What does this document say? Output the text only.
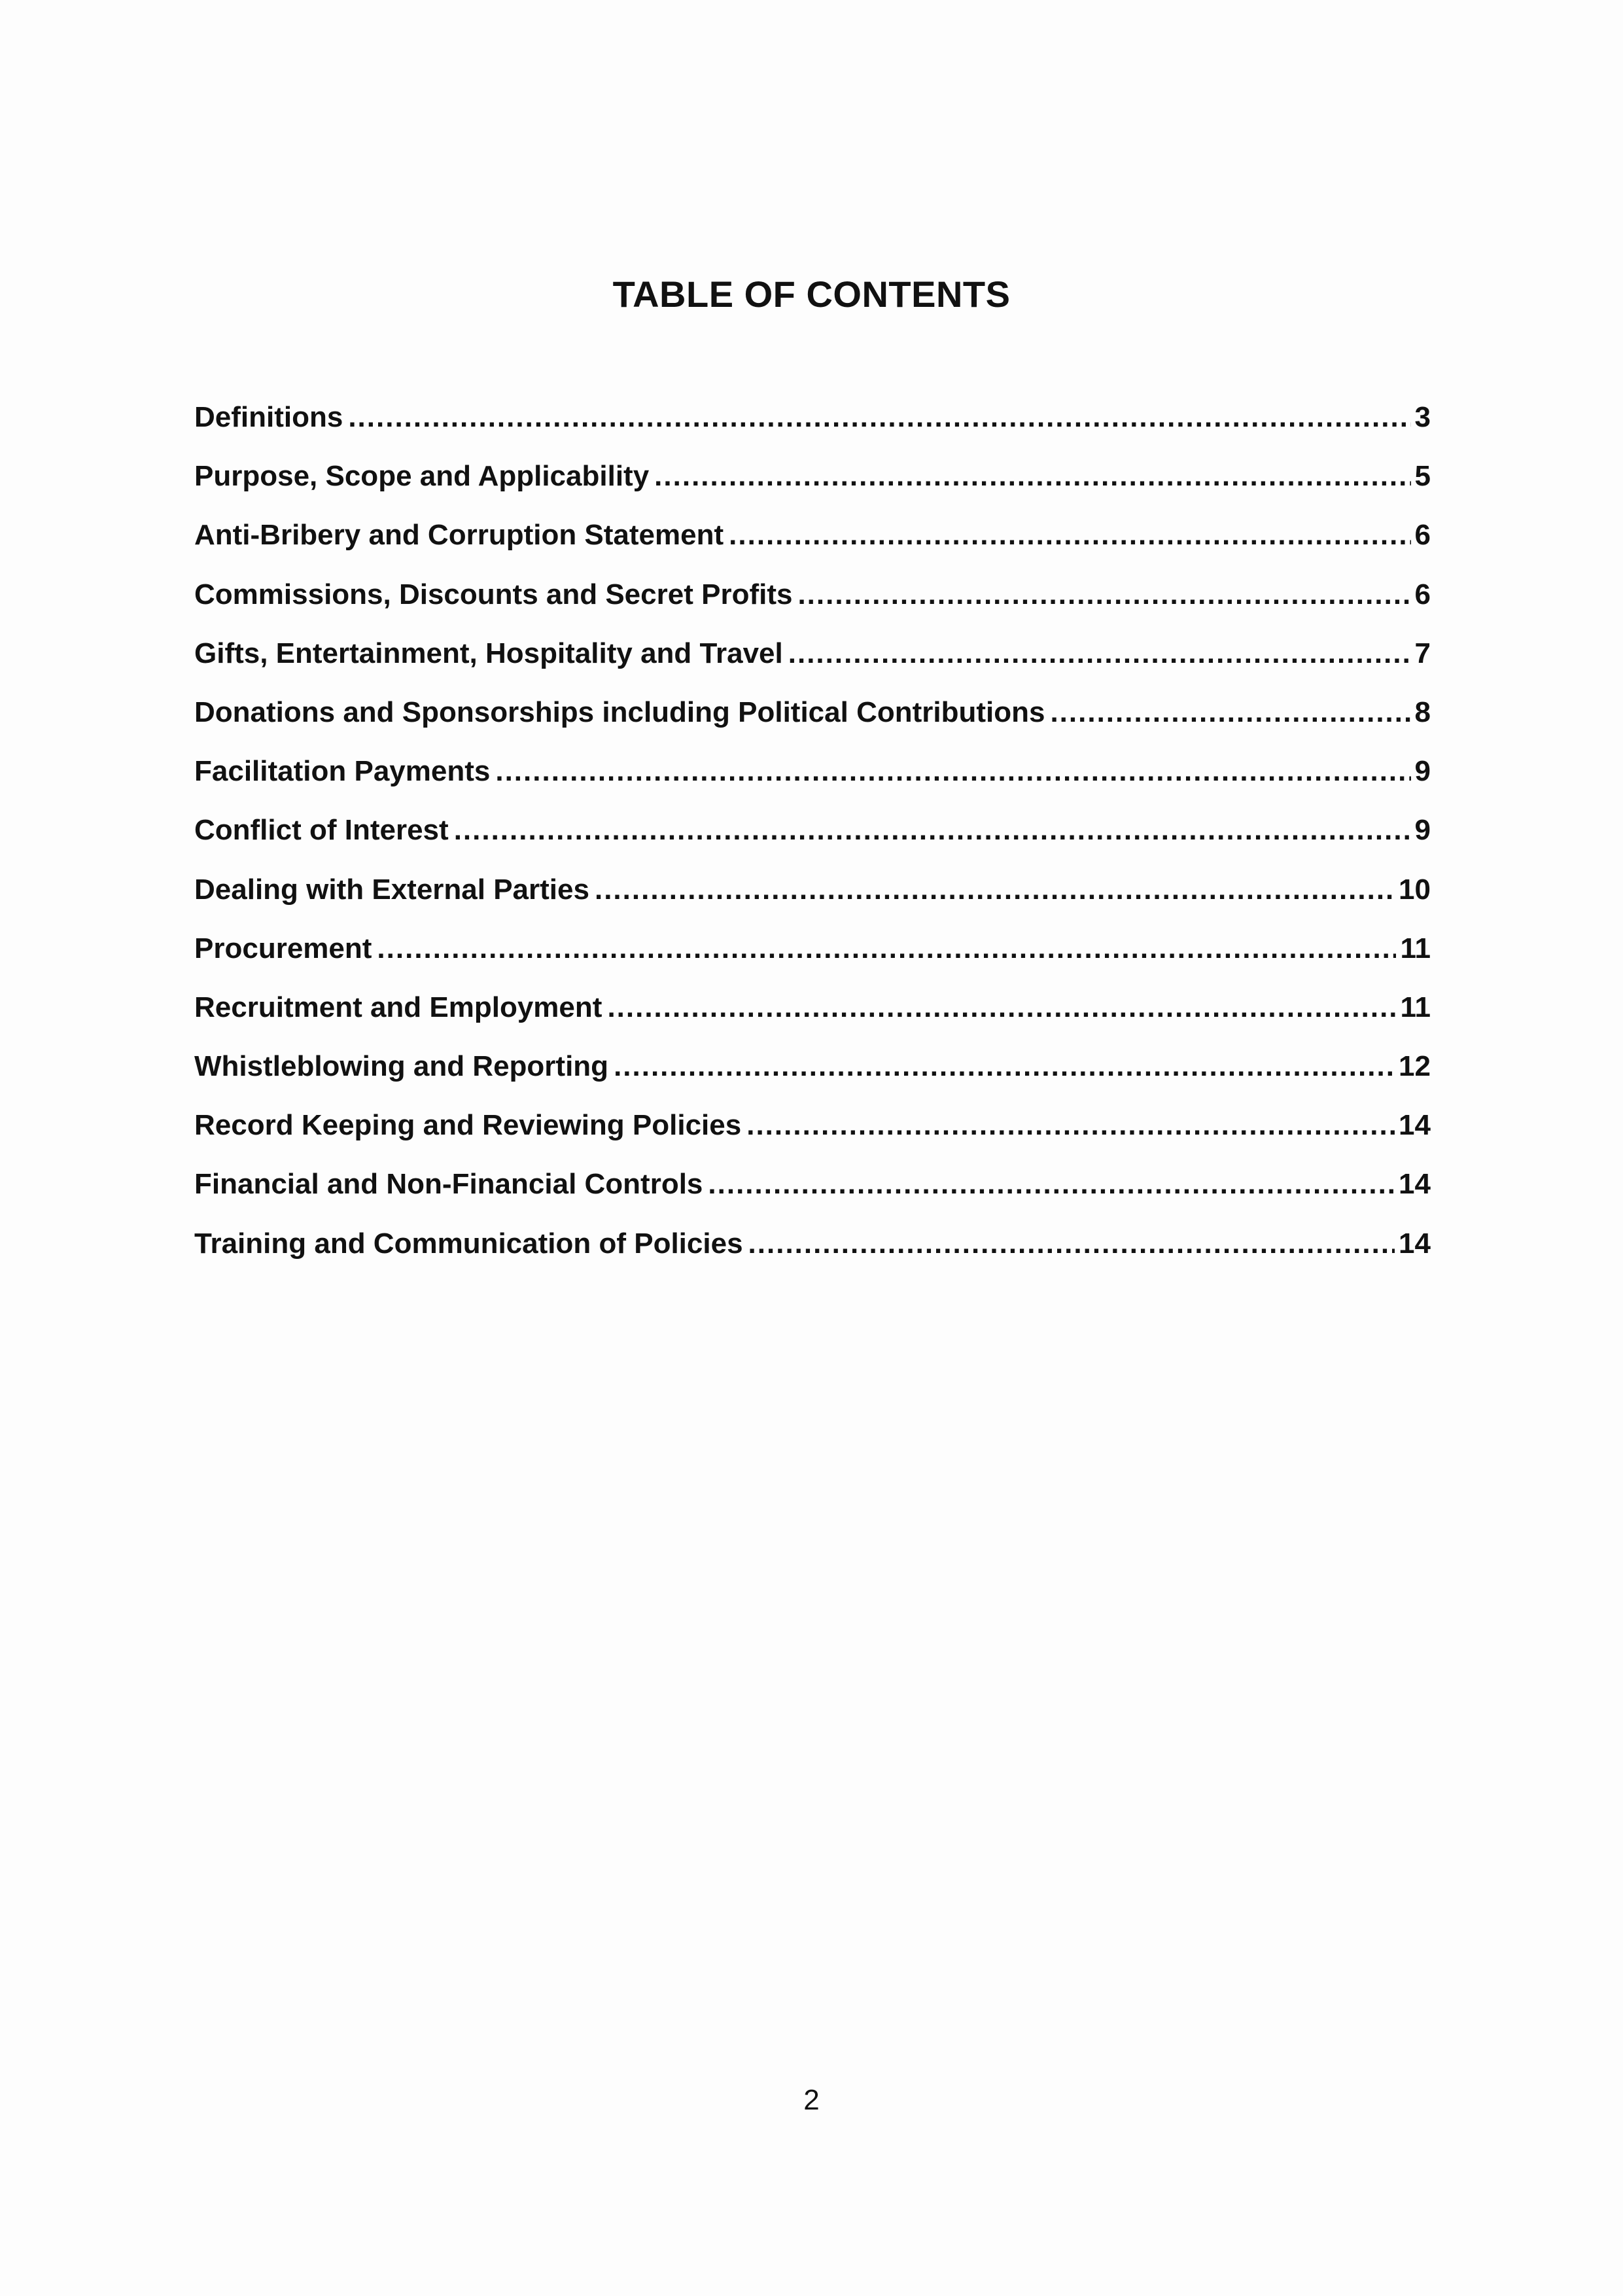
TABLE OF CONTENTS
Definitions .....	3
Purpose, Scope and Applicability .....	5
Anti-Bribery and Corruption Statement .....	6
Commissions, Discounts and Secret Profits .....	6
Gifts, Entertainment, Hospitality and Travel .....	7
Donations and Sponsorships including Political Contributions .....	8
Facilitation Payments .....	9
Conflict of Interest .....	9
Dealing with External Parties .....	10
Procurement .....	11
Recruitment and Employment .....	11
Whistleblowing and Reporting .....	12
Record Keeping and Reviewing Policies .....	14
Financial and Non-Financial Controls .....	14
Training and Communication of Policies .....	14
2
